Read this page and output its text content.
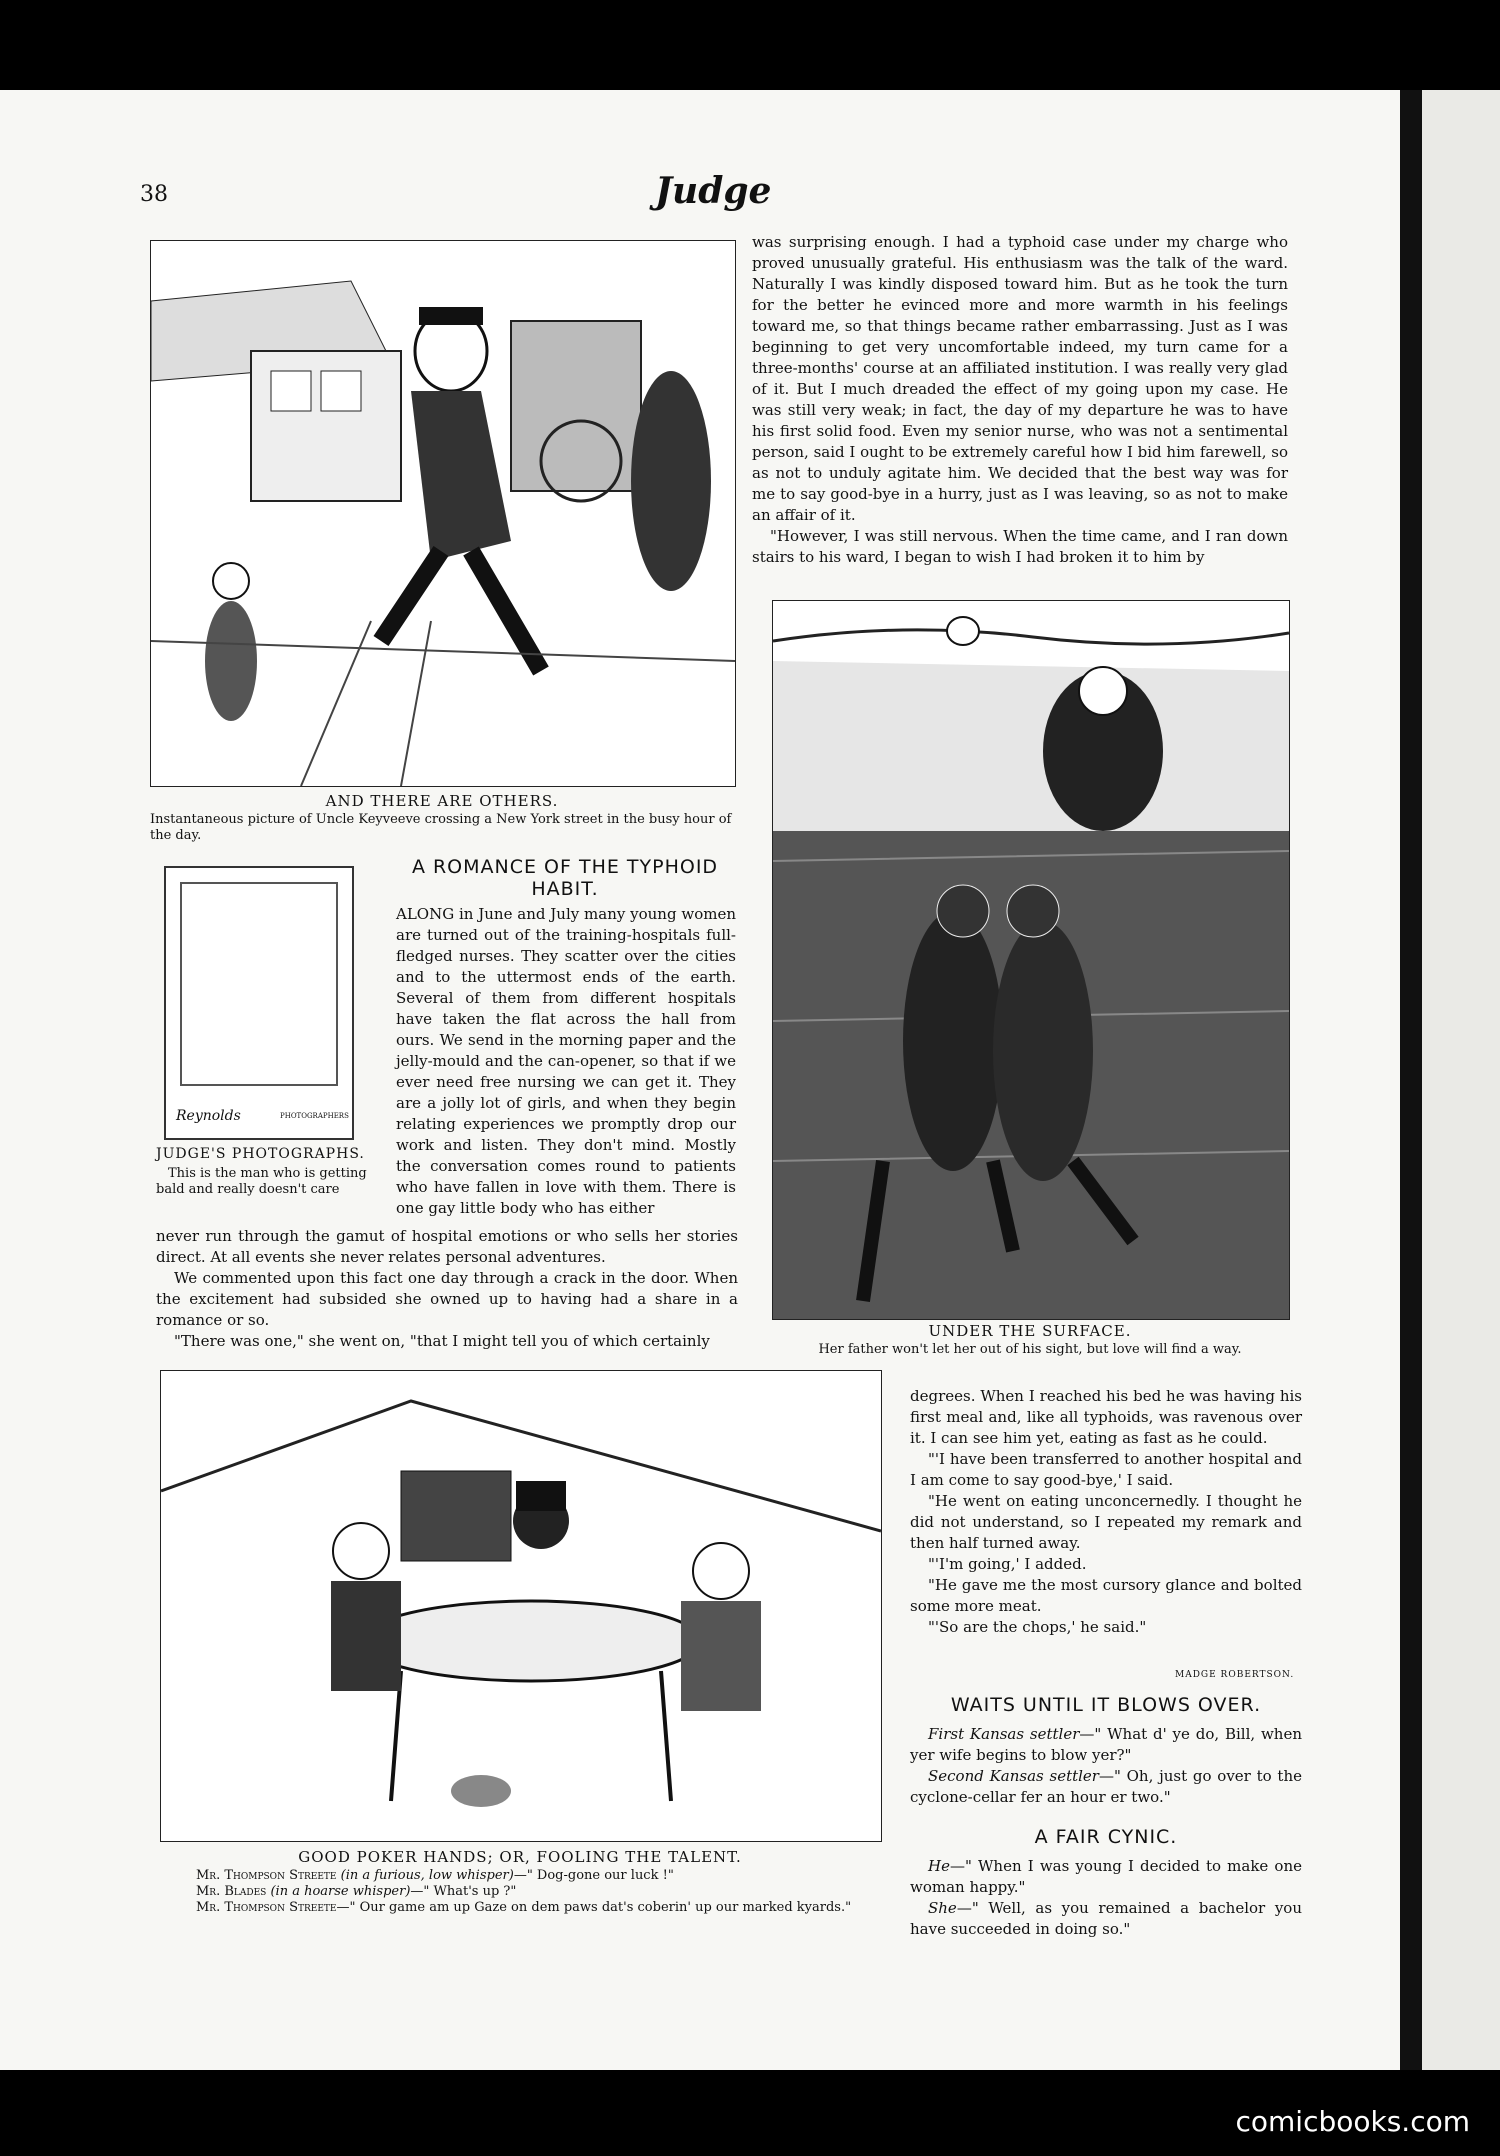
38	Judge
AND THERE ARE OTHERS.
Instantaneous picture of Uncle Keyveeve crossing a New York street in the busy hour of the day.
Reynolds	PHOTOGRAPHERS
JUDGE'S PHOTOGRAPHS.
This is the man who is getting bald and really doesn't care
A ROMANCE OF THE TYPHOID HABIT.

ALONG in June and July many young women are turned out of the training-hospitals full-fledged nurses. They scatter over the cities and to the uttermost ends of the earth. Several of them from different hospitals have taken the flat across the hall from ours. We send in the morning paper and the jelly-mould and the can-opener, so that if we ever need free nursing we can get it. They are a jolly lot of girls, and when they begin relating experiences we promptly drop our work and listen. They don't mind. Mostly the conversation comes round to patients who have fallen in love with them. There is one gay little body who has either

never run through the gamut of hospital emotions or who sells her stories direct. At all events she never relates personal adventures.

We commented upon this fact one day through a crack in the door. When the excitement had subsided she owned up to having had a share in a romance or so.

"There was one," she went on, "that I might tell you of which certainly

was surprising enough. I had a typhoid case under my charge who proved unusually grateful. His enthusiasm was the talk of the ward. Naturally I was kindly disposed toward him. But as he took the turn for the better he evinced more and more warmth in his feelings toward me, so that things became rather embarrassing. Just as I was beginning to get very uncomfortable indeed, my turn came for a three-months' course at an affiliated institution. I was really very glad of it. But I much dreaded the effect of my going upon my case. He was still very weak; in fact, the day of my departure he was to have his first solid food. Even my senior nurse, who was not a sentimental person, said I ought to be extremely careful how I bid him farewell, so as not to unduly agitate him. We decided that the best way was for me to say good-bye in a hurry, just as I was leaving, so as not to make an affair of it.

"However, I was still nervous. When the time came, and I ran down stairs to his ward, I began to wish I had broken it to him by

UNDER THE SURFACE.
Her father won't let her out of his sight, but love will find a way.
GOOD POKER HANDS; OR, FOOLING THE TALENT.
Mr. Thompson Streete (in a furious, low whisper)—" Dog-gone our luck !"
Mr. Blades (in a hoarse whisper)—" What's up ?"
Mr. Thompson Streete—" Our game am up Gaze on dem paws dat's coberin' up our marked kyards."

degrees. When I reached his bed he was having his first meal and, like all typhoids, was ravenous over it. I can see him yet, eating as fast as he could.

"'I have been transferred to another hospital and I am come to say good-bye,' I said.

"He went on eating unconcernedly. I thought he did not understand, so I repeated my remark and then half turned away.

"'I'm going,' I added.

"He gave me the most cursory glance and bolted some more meat.

"'So are the chops,' he said."

MADGE ROBERTSON.
WAITS UNTIL IT BLOWS OVER.

First Kansas settler—" What d' ye do, Bill, when yer wife begins to blow yer?"

Second Kansas settler—" Oh, just go over to the cyclone-cellar fer an hour er two."

A FAIR CYNIC.

He—" When I was young I decided to make one woman happy."

She—" Well, as you remained a bachelor you have succeeded in doing so."

comicbooks.com
